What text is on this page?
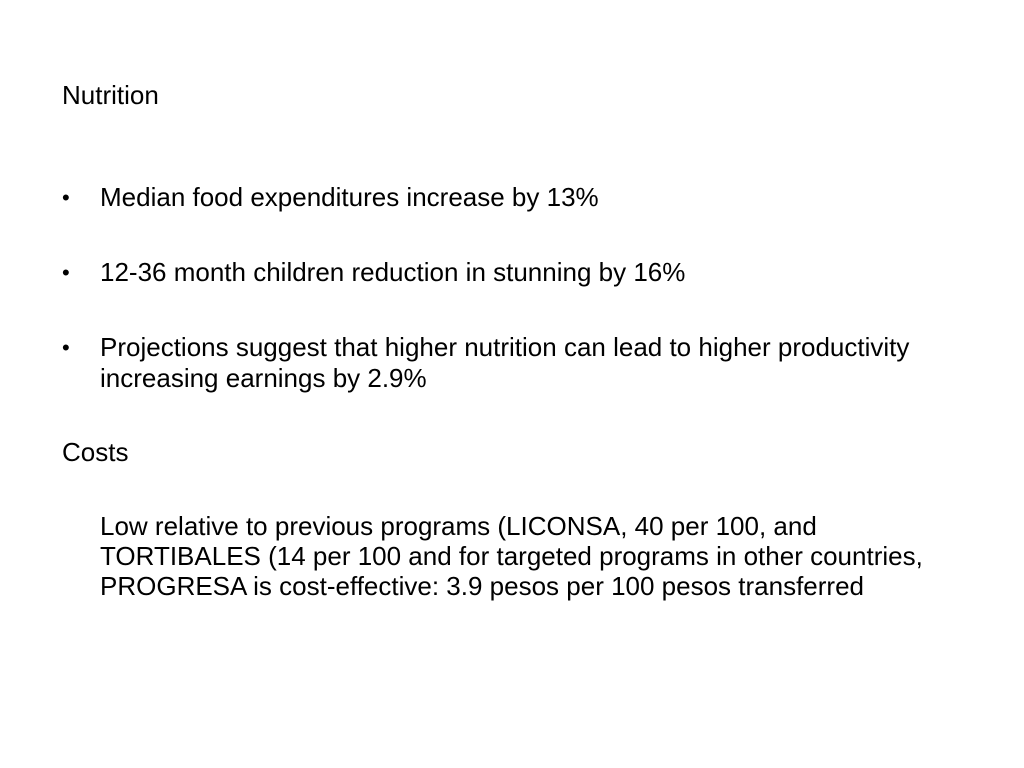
Nutrition
•	Median food expenditures increase by 13%
•	12-36 month children reduction in stunning by 16%
•	Projections suggest that higher nutrition can lead to higher productivity increasing earnings by 2.9%
Costs
Low relative to previous programs (LICONSA, 40 per 100, and TORTIBALES (14 per 100 and for targeted programs in other countries, PROGRESA is cost-effective: 3.9 pesos per 100 pesos transferred
